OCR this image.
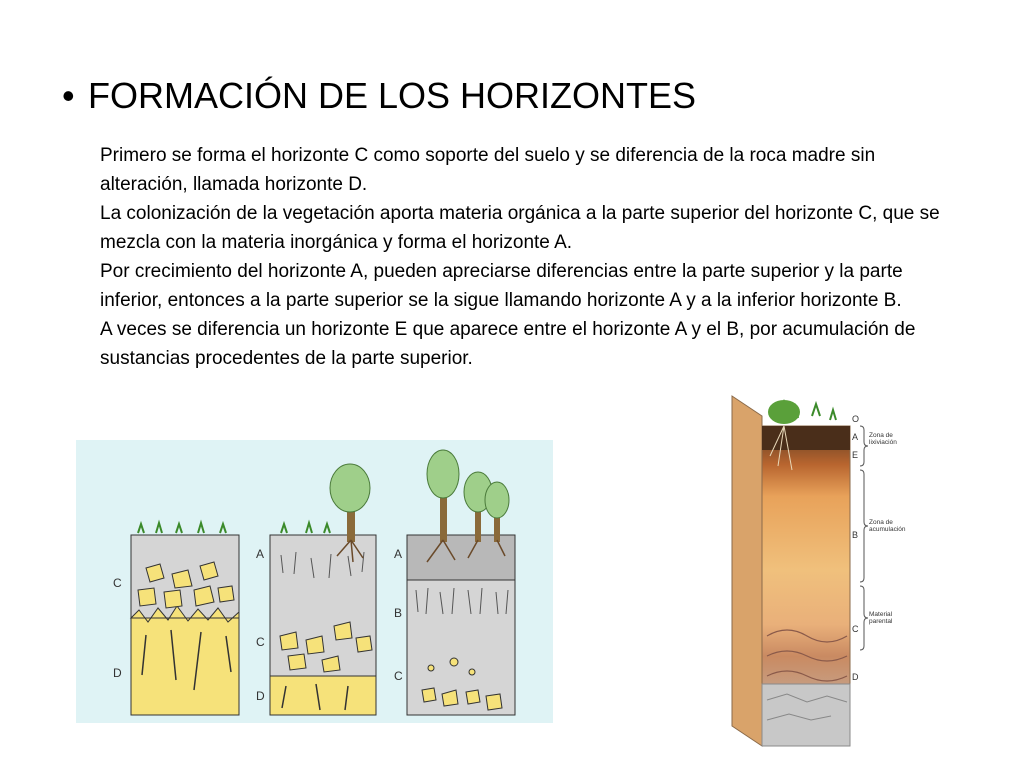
• FORMACIÓN DE LOS HORIZONTES

Primero se forma el horizonte C como soporte del suelo y se diferencia de la roca madre sin alteración, llamada horizonte D.

La colonización de la vegetación aporta materia orgánica a la parte superior del horizonte C, que se mezcla con la materia inorgánica y forma el horizonte A.

Por crecimiento del horizonte A, pueden apreciarse diferencias entre la parte superior y la parte inferior, entonces a la parte superior se la sigue llamando horizonte A y a la inferior horizonte B.

A veces se diferencia un horizonte E que aparece entre el horizonte A y el B, por acumulación de sustancias procedentes de la parte superior.

C
D
A
C
D
A
B
C
O
A
E
B
C
D
Zona de
lixiviación
Zona de
acumulación
Material
parental
